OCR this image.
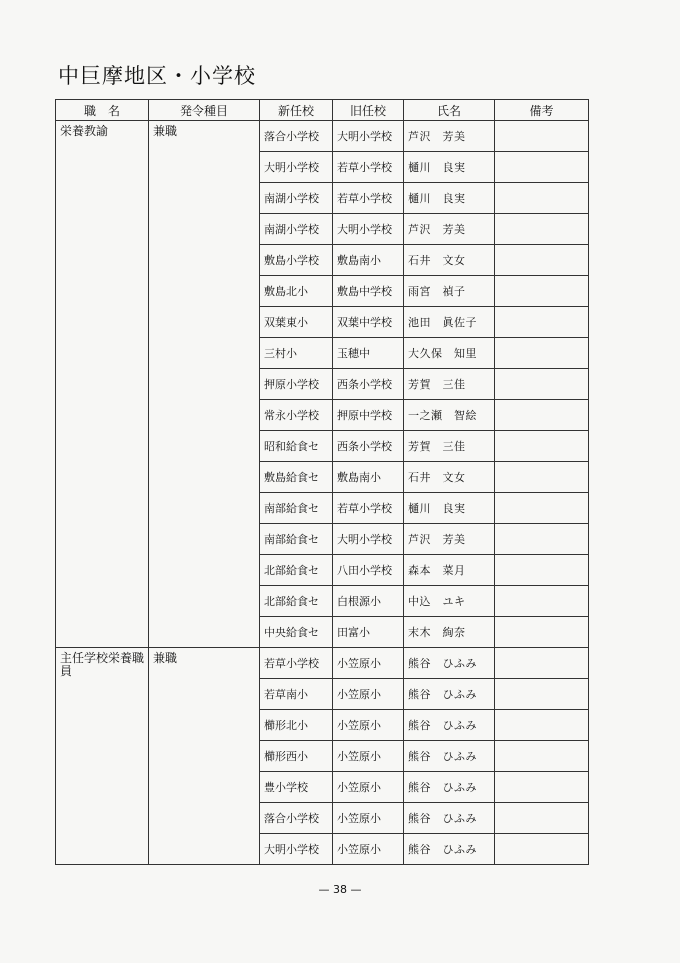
中巨摩地区・小学校
職　名	発令種目	新任校	旧任校	氏名	備考
栄養教諭	兼職	落合小学校	大明小学校	芦沢　芳美	
		大明小学校	若草小学校	樋川　良実	
		南湖小学校	若草小学校	樋川　良実	
		南湖小学校	大明小学校	芦沢　芳美	
		敷島小学校	敷島南小	石井　文女	
		敷島北小	敷島中学校	雨宮　禎子	
		双葉東小	双葉中学校	池田　眞佐子	
		三村小	玉穂中	大久保　知里	
		押原小学校	西条小学校	芳賀　三佳	
		常永小学校	押原中学校	一之瀬　智絵	
		昭和給食セ	西条小学校	芳賀　三佳	
		敷島給食セ	敷島南小	石井　文女	
		南部給食セ	若草小学校	樋川　良実	
		南部給食セ	大明小学校	芦沢　芳美	
		北部給食セ	八田小学校	森本　菜月	
		北部給食セ	白根源小	中込　ユキ	
		中央給食セ	田富小	末木　絢奈	
主任学校栄養職員	兼職	若草小学校	小笠原小	熊谷　ひふみ	
		若草南小	小笠原小	熊谷　ひふみ	
		櫛形北小	小笠原小	熊谷　ひふみ	
		櫛形西小	小笠原小	熊谷　ひふみ	
		豊小学校	小笠原小	熊谷　ひふみ	
		落合小学校	小笠原小	熊谷　ひふみ	
		大明小学校	小笠原小	熊谷　ひふみ	
— 38 —
